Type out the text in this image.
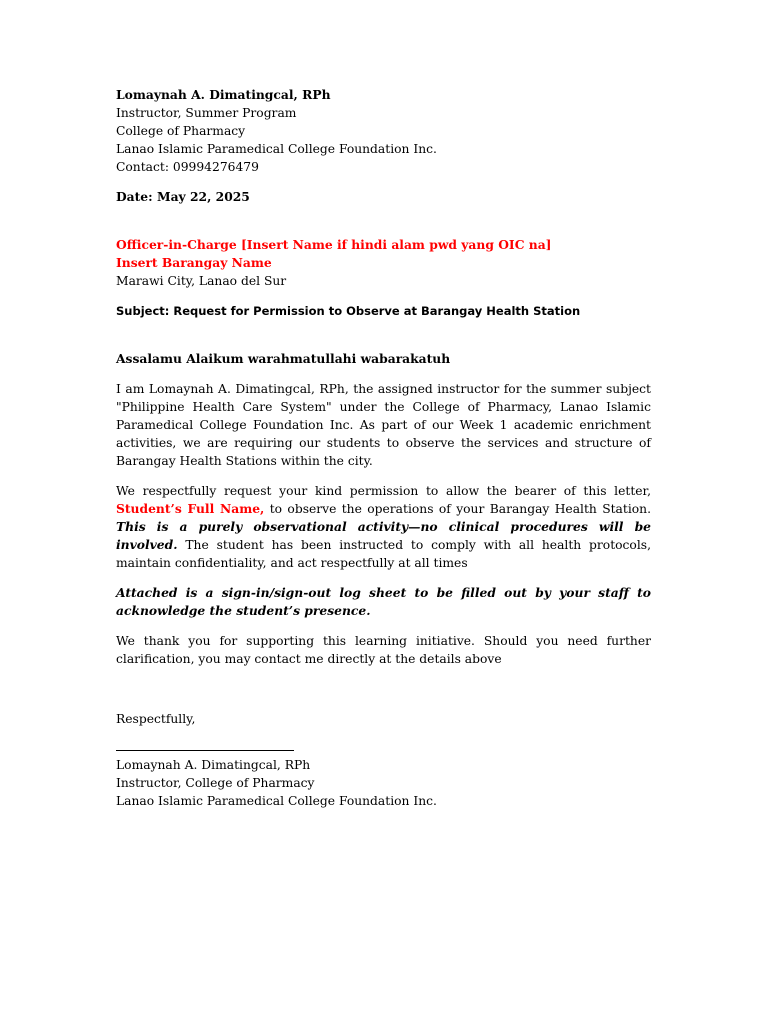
Lomaynah A. Dimatingcal, RPh
Instructor, Summer Program
College of Pharmacy
Lanao Islamic Paramedical College Foundation Inc.
Contact: 09994276479
Date: May 22, 2025
Officer-in-Charge [Insert Name if hindi alam pwd yang OIC na]
Insert Barangay Name
Marawi City, Lanao del Sur
Subject: Request for Permission to Observe at Barangay Health Station
Assalamu Alaikum warahmatullahi wabarakatuh

I am Lomaynah A. Dimatingcal, RPh, the assigned instructor for the summer subject "Philippine Health Care System" under the College of Pharmacy, Lanao Islamic Paramedical College Foundation Inc. As part of our Week 1 academic enrichment activities, we are requiring our students to observe the services and structure of Barangay Health Stations within the city.

We respectfully request your kind permission to allow the bearer of this letter, Student’s Full Name, to observe the operations of your Barangay Health Station. This is a purely observational activity—no clinical procedures will be involved. The student has been instructed to comply with all health protocols, maintain confidentiality, and act respectfully at all times

Attached is a sign-in/sign-out log sheet to be filled out by your staff to acknowledge the student’s presence.

We thank you for supporting this learning initiative. Should you need further clarification, you may contact me directly at the details above

Respectfully,
Lomaynah A. Dimatingcal, RPh
Instructor, College of Pharmacy
Lanao Islamic Paramedical College Foundation Inc.
